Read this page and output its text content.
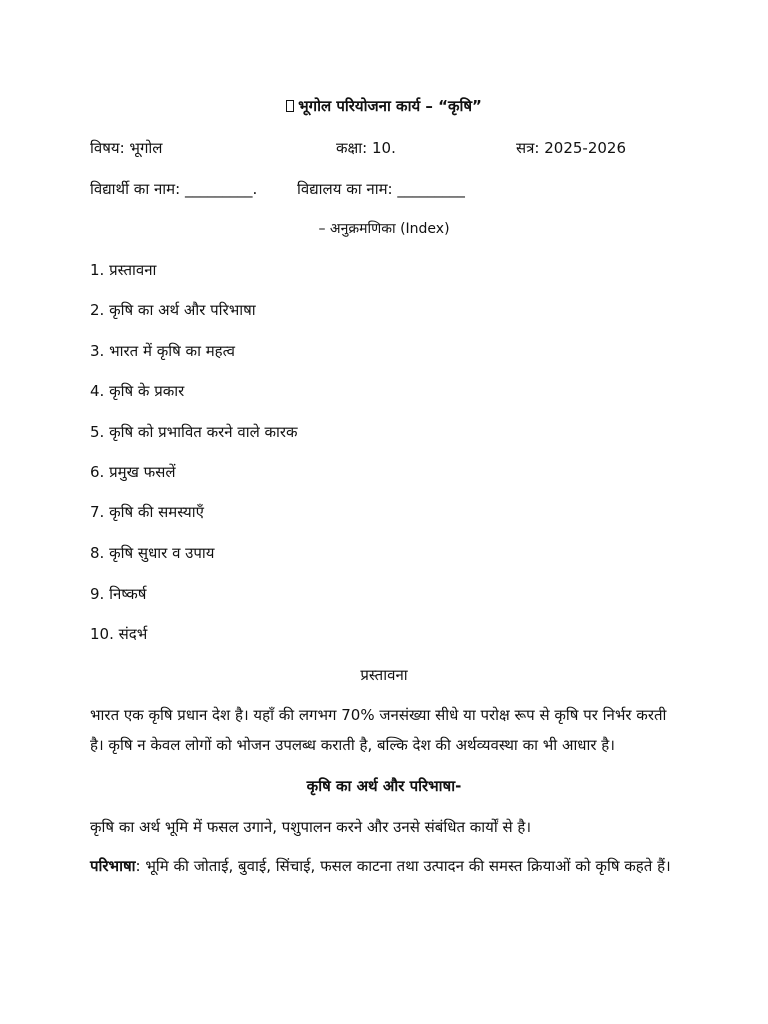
भूगोल परियोजना कार्य – “कृषि”
विषय: भूगोल	कक्षा: 10.	सत्र: 2025-2026
विद्यार्थी का नाम: _________.	विद्यालय का नाम: _________
– अनुक्रमणिका (Index)
1. प्रस्तावना
2. कृषि का अर्थ और परिभाषा
3. भारत में कृषि का महत्व
4. कृषि के प्रकार
5. कृषि को प्रभावित करने वाले कारक
6. प्रमुख फसलें
7. कृषि की समस्याएँ
8. कृषि सुधार व उपाय
9. निष्कर्ष
10. संदर्भ
प्रस्तावना
भारत एक कृषि प्रधान देश है। यहाँ की लगभग 70% जनसंख्या सीधे या परोक्ष रूप से कृषि पर निर्भर करती है। कृषि न केवल लोगों को भोजन उपलब्ध कराती है, बल्कि देश की अर्थव्यवस्था का भी आधार है।
कृषि का अर्थ और परिभाषा-
कृषि का अर्थ भूमि में फसल उगाने, पशुपालन करने और उनसे संबंधित कार्यों से है।
परिभाषा: भूमि की जोताई, बुवाई, सिंचाई, फसल काटना तथा उत्पादन की समस्त क्रियाओं को कृषि कहते हैं।
